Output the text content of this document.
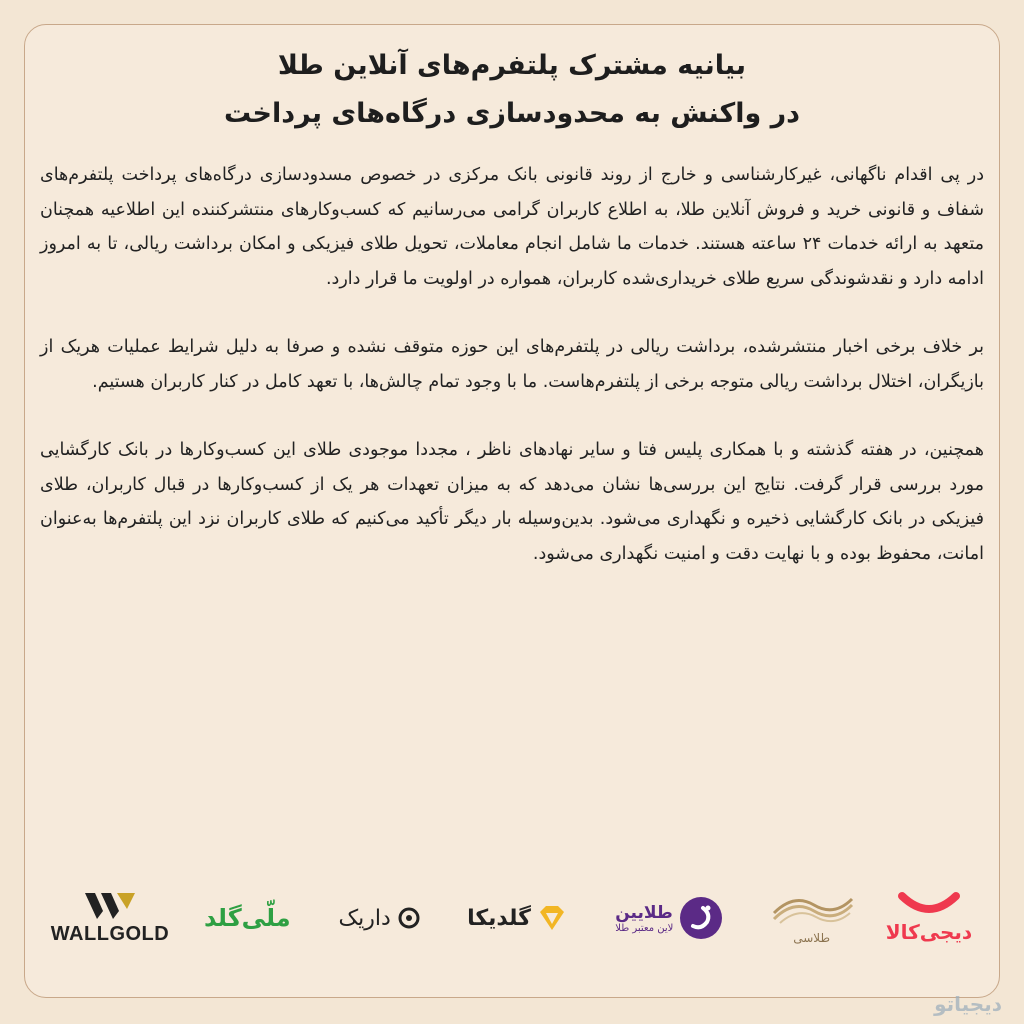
بیانیه مشترک پلتفرم‌های آنلاین طلا
در واکنش به محدودسازی درگاه‌های پرداخت

در پی اقدام ناگهانی، غیرکارشناسی و خارج از روند قانونی بانک مرکزی در خصوص مسدودسازی درگاه‌های پرداخت پلتفرم‌های شفاف و قانونی خرید و فروش آنلاین طلا، به اطلاع کاربران گرامی می‌رسانیم که کسب‌وکارهای منتشرکننده این اطلاعیه همچنان متعهد به ارائه خدمات ۲۴ ساعته هستند. خدمات ما شامل انجام معاملات، تحویل طلای فیزیکی و امکان برداشت ریالی، تا به امروز ادامه دارد و نقدشوندگی سریع طلای خریداری‌شده کاربران، همواره در اولویت ما قرار دارد.

بر خلاف برخی اخبار منتشرشده، برداشت ریالی در پلتفرم‌های این حوزه متوقف نشده و صرفا به دلیل شرایط عملیات هریک از بازیگران، اختلال برداشت ریالی متوجه برخی از پلتفرم‌هاست. ما با وجود تمام چالش‌ها، با تعهد کامل در کنار کاربران هستیم.

همچنین، در هفته گذشته و با همکاری پلیس فتا و سایر نهادهای ناظر ، مجددا موجودی طلای این کسب‌وکارها در بانک کارگشایی مورد بررسی قرار گرفت. نتایج این بررسی‌ها نشان می‌دهد که به میزان تعهدات هر یک از کسب‌وکارها در قبال کاربران، طلای فیزیکی در بانک کارگشایی ذخیره و نگهداری می‌شود. بدین‌وسیله بار دیگر تأکید می‌کنیم که طلای کاربران نزد این پلتفرم‌ها به‌عنوان امانت، محفوظ بوده و با نهایت دقت و امنیت نگهداری می‌شود.

دیجی‌کالا
طلاسی
طلایین
لاین معتبر طلا
گلدیکا
داریک
ملّی‌گلد
WALLGOLD
دیجیاتو
